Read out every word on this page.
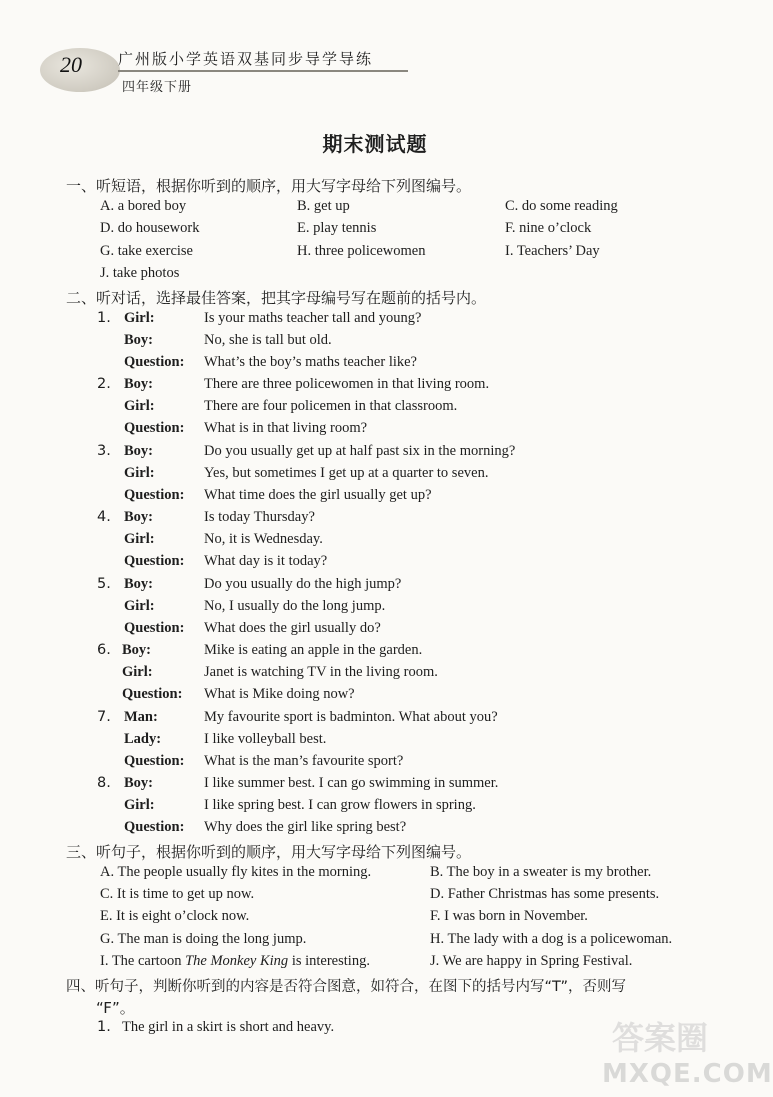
20 广州版小学英语双基同步导学导练
四年级下册
期末测试题
一、听短语，根据你听到的顺序，用大写字母给下列图编号。
A. a bored boy	B. get up	C. do some reading
D. do housework	E. play tennis	F. nine o’clock
G. take exercise	H. three policewomen	I. Teachers’ Day
J. take photos
二、听对话，选择最佳答案，把其字母编号写在题前的括号内。
1. Girl:	Is your maths teacher tall and young?
Boy:	No, she is tall but old.
Question: What’s the boy’s maths teacher like?
2. Boy:	There are three policewomen in that living room.
Girl:	There are four policemen in that classroom.
Question: What is in that living room?
3. Boy:	Do you usually get up at half past six in the morning?
Girl:	Yes, but sometimes I get up at a quarter to seven.
Question: What time does the girl usually get up?
4. Boy:	Is today Thursday?
Girl:	No, it is Wednesday.
Question: What day is it today?
5. Boy:	Do you usually do the high jump?
Girl:	No, I usually do the long jump.
Question: What does the girl usually do?
6. Boy:	Mike is eating an apple in the garden.
Girl:	Janet is watching TV in the living room.
Question: What is Mike doing now?
7. Man:	My favourite sport is badminton. What about you?
Lady:	I like volleyball best.
Question: What is the man’s favourite sport?
8. Boy:	I like summer best. I can go swimming in summer.
Girl:	I like spring best. I can grow flowers in spring.
Question: Why does the girl like spring best?
三、听句子，根据你听到的顺序，用大写字母给下列图编号。
A. The people usually fly kites in the morning.	B. The boy in a sweater is my brother.
C. It is time to get up now.	D. Father Christmas has some presents.
E. It is eight o’clock now.	F. I was born in November.
G. The man is doing the long jump.	H. The lady with a dog is a policewoman.
I. The cartoon The Monkey King is interesting.	J. We are happy in Spring Festival.
四、听句子，判断你听到的内容是否符合图意，如符合，在图下的括号内写“T”，否则写
“F”。
1. The girl in a skirt is short and heavy.	答案圈
MXQE.COM
